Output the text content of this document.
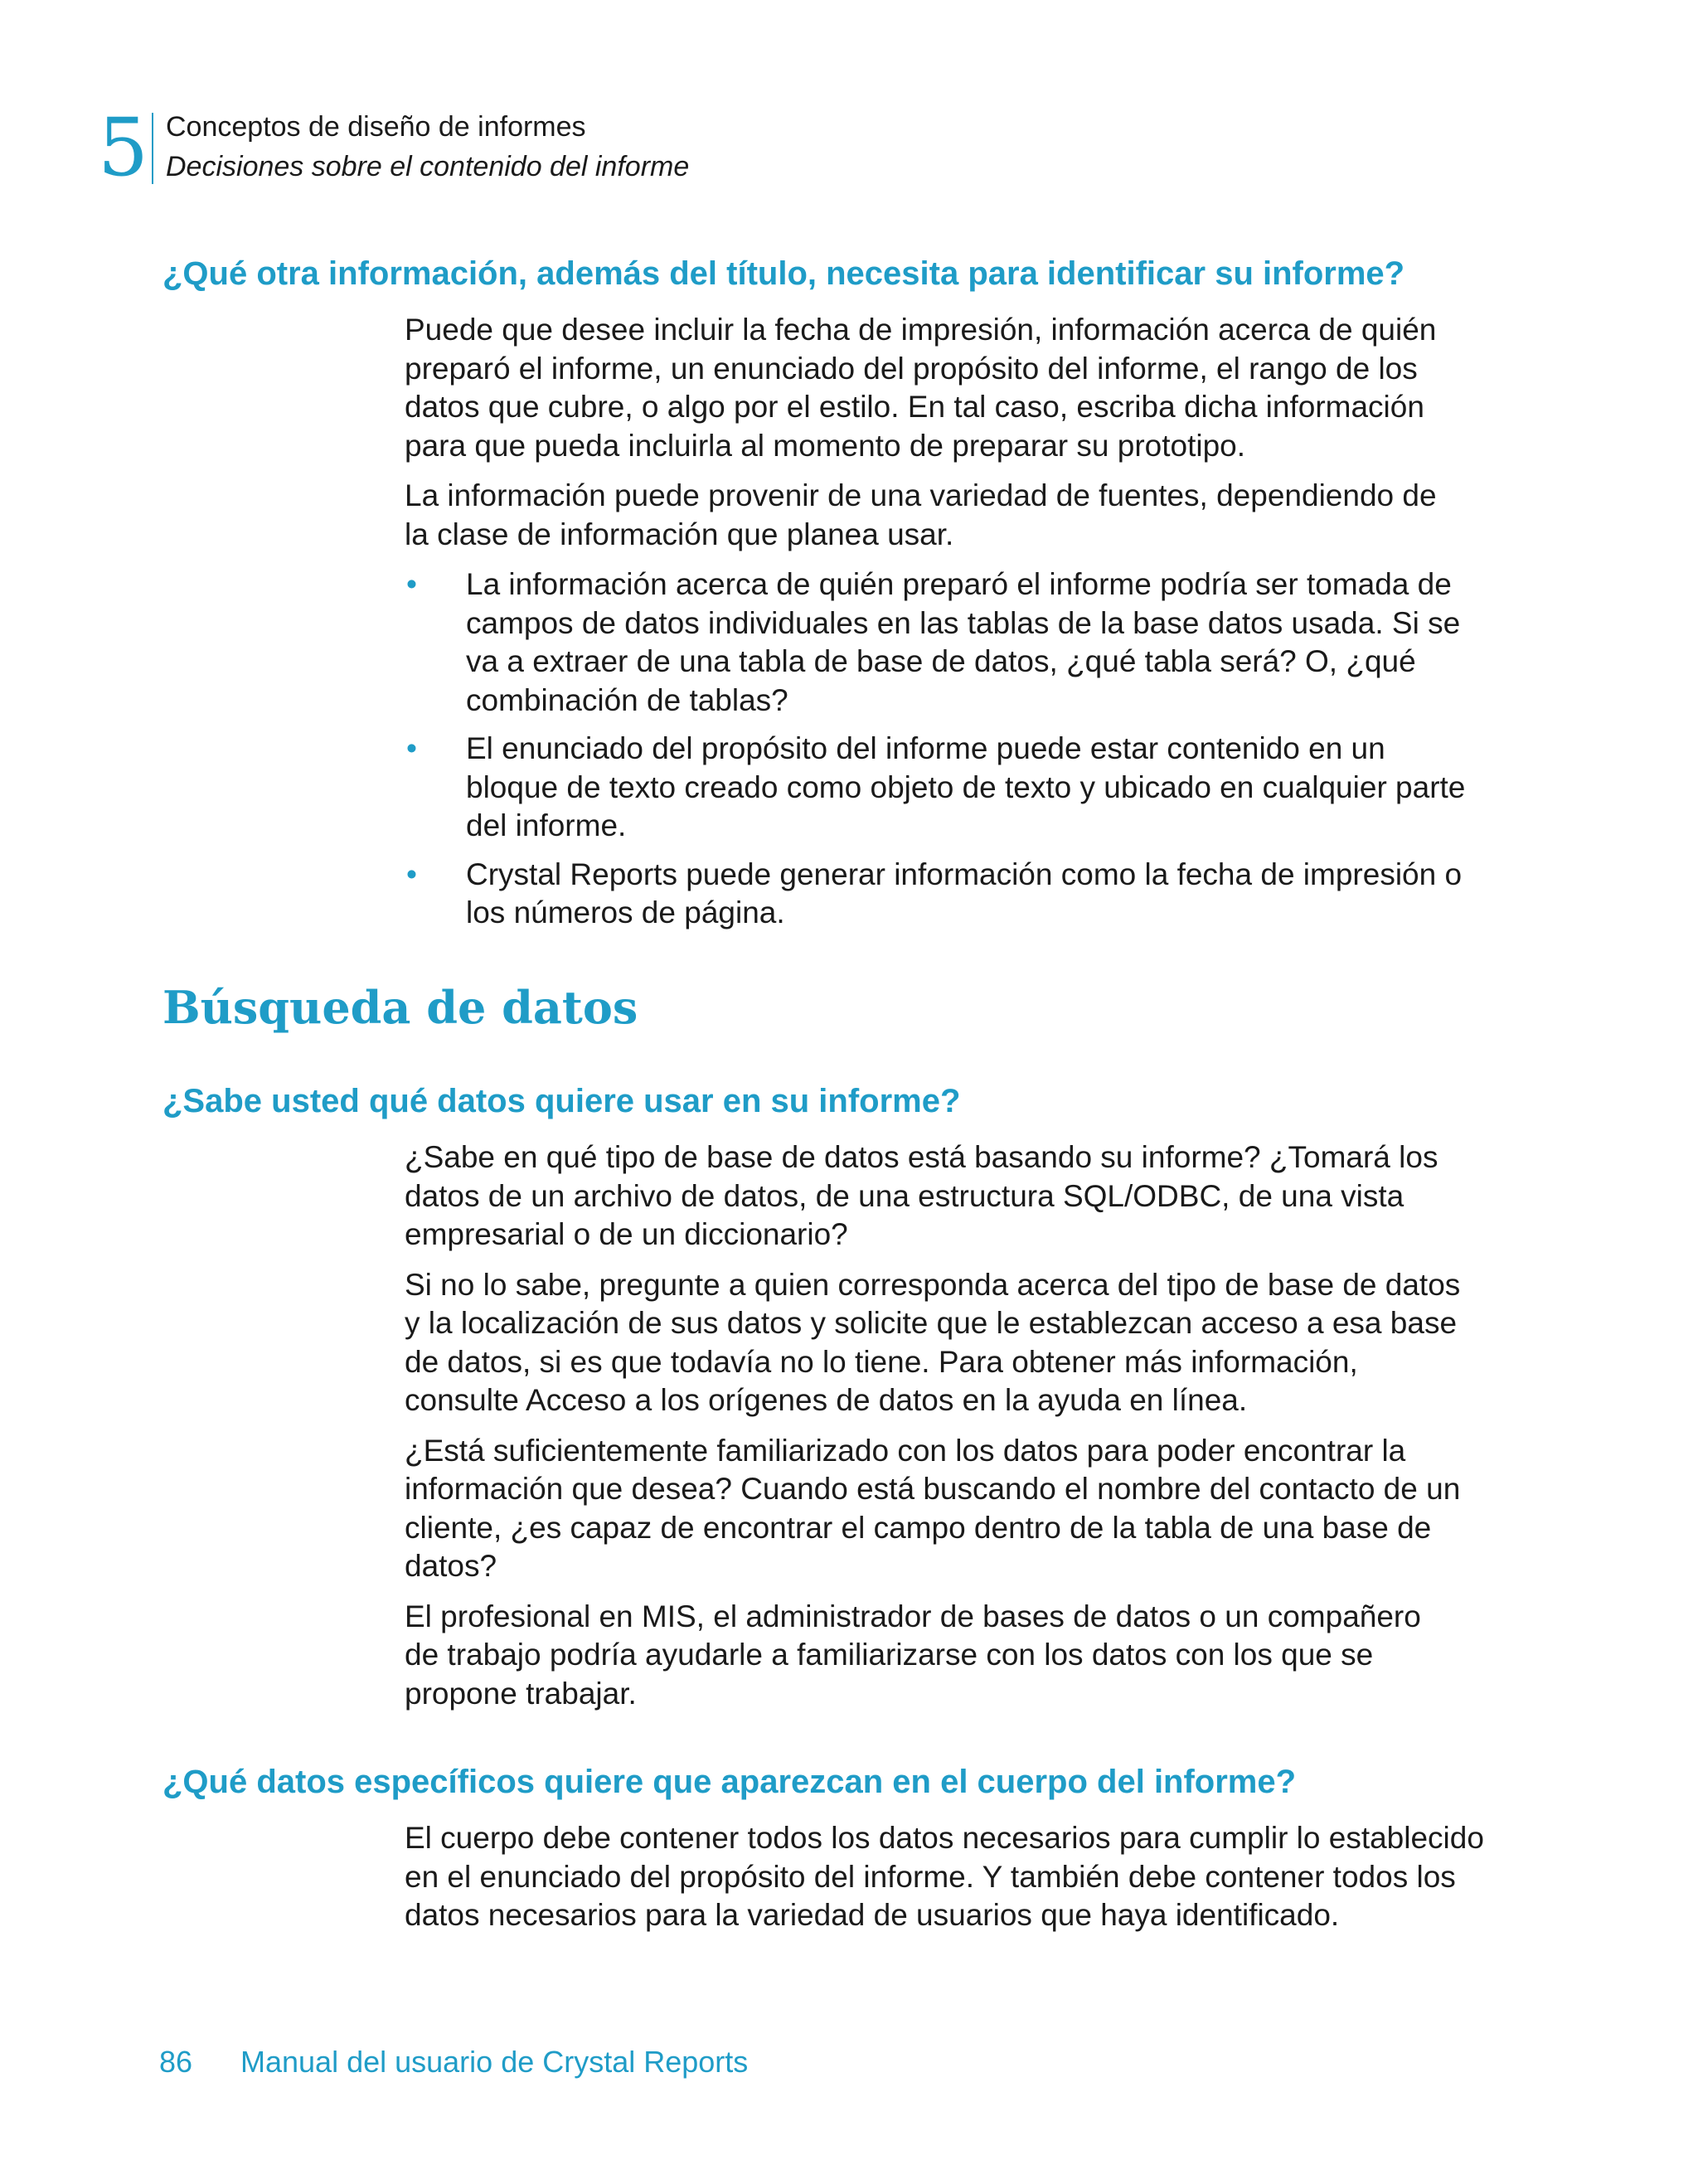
5 Conceptos de diseño de informes
Decisiones sobre el contenido del informe
¿Qué otra información, además del título, necesita para identificar su informe?

Puede que desee incluir la fecha de impresión, información acerca de quién
preparó el informe, un enunciado del propósito del informe, el rango de los
datos que cubre, o algo por el estilo. En tal caso, escriba dicha información
para que pueda incluirla al momento de preparar su prototipo.

La información puede provenir de una variedad de fuentes, dependiendo de
la clase de información que planea usar.

• La información acerca de quién preparó el informe podría ser tomada de
campos de datos individuales en las tablas de la base datos usada. Si se
va a extraer de una tabla de base de datos, ¿qué tabla será? O, ¿qué
combinación de tablas?
• El enunciado del propósito del informe puede estar contenido en un
bloque de texto creado como objeto de texto y ubicado en cualquier parte
del informe.
• Crystal Reports puede generar información como la fecha de impresión o
los números de página.
Búsqueda de datos
¿Sabe usted qué datos quiere usar en su informe?

¿Sabe en qué tipo de base de datos está basando su informe? ¿Tomará los
datos de un archivo de datos, de una estructura SQL/ODBC, de una vista
empresarial o de un diccionario?

Si no lo sabe, pregunte a quien corresponda acerca del tipo de base de datos
y la localización de sus datos y solicite que le establezcan acceso a esa base
de datos, si es que todavía no lo tiene. Para obtener más información,
consulte Acceso a los orígenes de datos en la ayuda en línea.

¿Está suficientemente familiarizado con los datos para poder encontrar la
información que desea? Cuando está buscando el nombre del contacto de un
cliente, ¿es capaz de encontrar el campo dentro de la tabla de una base de
datos?

El profesional en MIS, el administrador de bases de datos o un compañero
de trabajo podría ayudarle a familiarizarse con los datos con los que se
propone trabajar.

¿Qué datos específicos quiere que aparezcan en el cuerpo del informe?

El cuerpo debe contener todos los datos necesarios para cumplir lo establecido
en el enunciado del propósito del informe. Y también debe contener todos los
datos necesarios para la variedad de usuarios que haya identificado.

86 Manual del usuario de Crystal Reports
